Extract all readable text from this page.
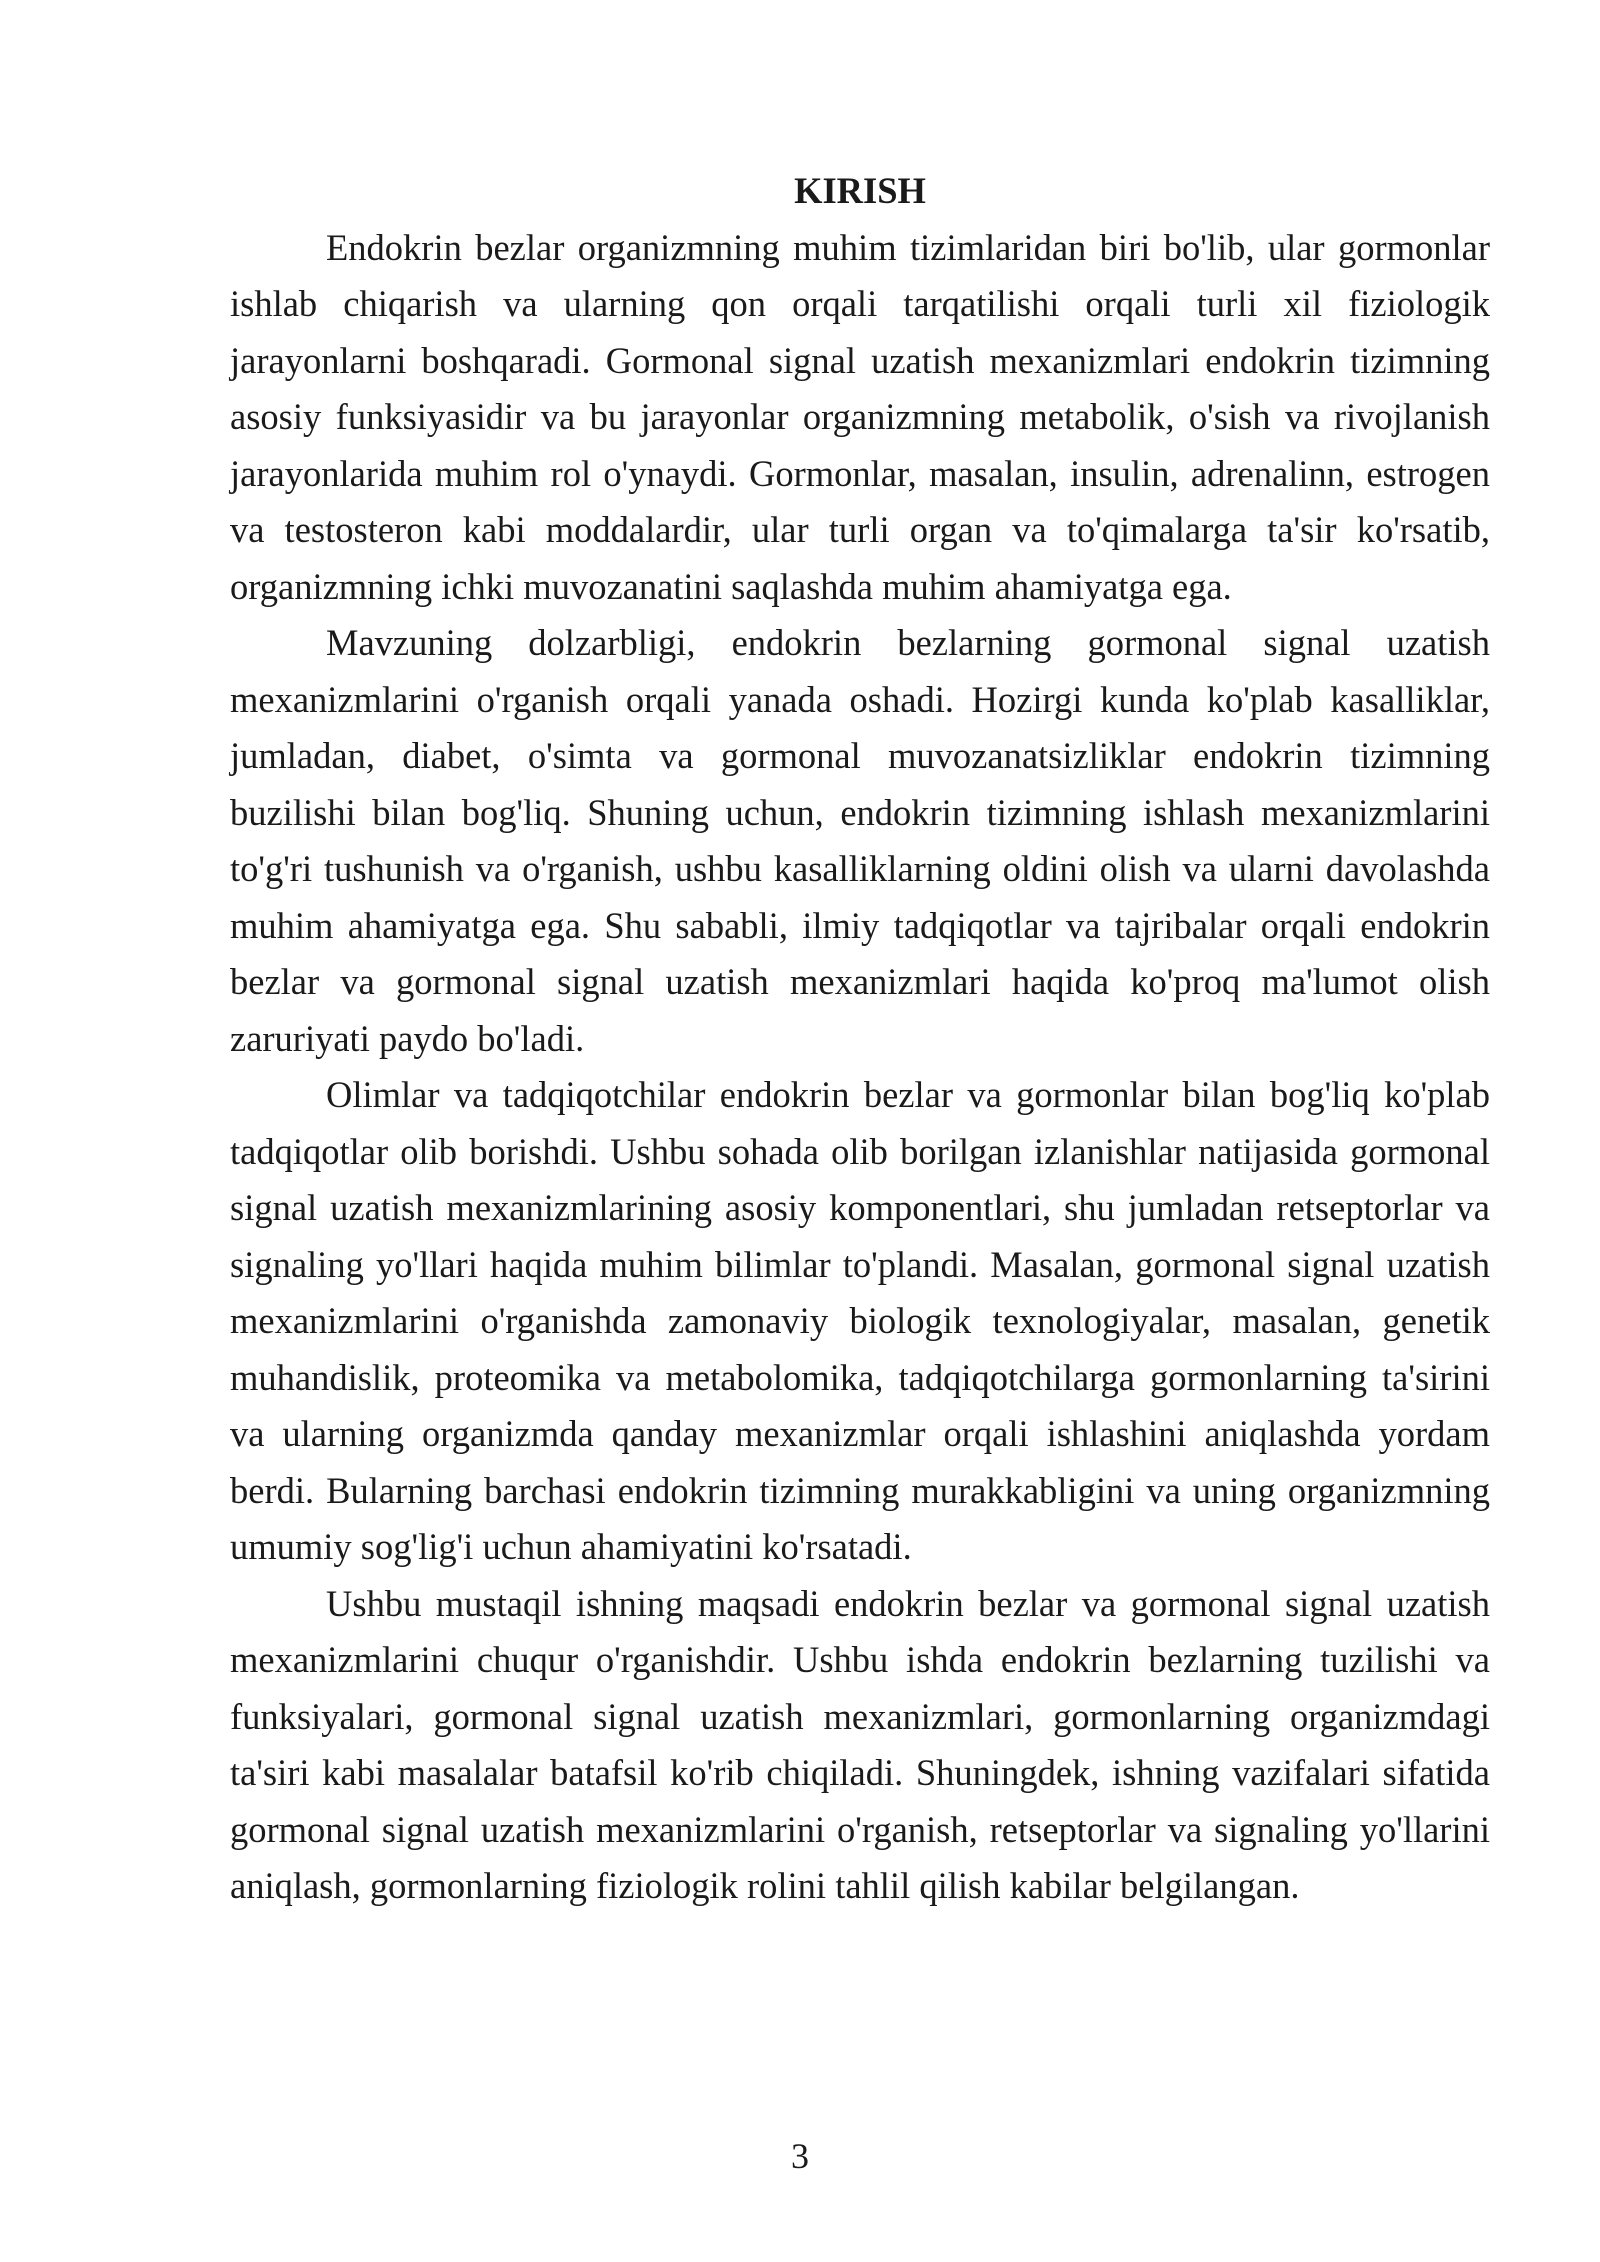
KIRISH

Endokrin bezlar organizmning muhim tizimlaridan biri bo'lib, ular gormonlar ishlab chiqarish va ularning qon orqali tarqatilishi orqali turli xil fiziologik jarayonlarni boshqaradi. Gormonal signal uzatish mexanizmlari endokrin tizimning asosiy funksiyasidir va bu jarayonlar organizmning metabolik, o'sish va rivojlanish jarayonlarida muhim rol o'ynaydi. Gormonlar, masalan, insulin, adrenalinn, estrogen va testosteron kabi moddalardir, ular turli organ va to'qimalarga ta'sir ko'rsatib, organizmning ichki muvozanatini saqlashda muhim ahamiyatga ega.

Mavzuning dolzarbligi, endokrin bezlarning gormonal signal uzatish mexanizmlarini o'rganish orqali yanada oshadi. Hozirgi kunda ko'plab kasalliklar, jumladan, diabet, o'simta va gormonal muvozanatsizliklar endokrin tizimning buzilishi bilan bog'liq. Shuning uchun, endokrin tizimning ishlash mexanizmlarini to'g'ri tushunish va o'rganish, ushbu kasalliklarning oldini olish va ularni davolashda muhim ahamiyatga ega. Shu sababli, ilmiy tadqiqotlar va tajribalar orqali endokrin bezlar va gormonal signal uzatish mexanizmlari haqida ko'proq ma'lumot olish zaruriyati paydo bo'ladi.

Olimlar va tadqiqotchilar endokrin bezlar va gormonlar bilan bog'liq ko'plab tadqiqotlar olib borishdi. Ushbu sohada olib borilgan izlanishlar natijasida gormonal signal uzatish mexanizmlarining asosiy komponentlari, shu jumladan retseptorlar va signaling yo'llari haqida muhim bilimlar to'plandi. Masalan, gormonal signal uzatish mexanizmlarini o'rganishda zamonaviy biologik texnologiyalar, masalan, genetik muhandislik, proteomika va metabolomika, tadqiqotchilarga gormonlarning ta'sirini va ularning organizmda qanday mexanizmlar orqali ishlashini aniqlashda yordam berdi. Bularning barchasi endokrin tizimning murakkabligini va uning organizmning umumiy sog'lig'i uchun ahamiyatini ko'rsatadi.

Ushbu mustaqil ishning maqsadi endokrin bezlar va gormonal signal uzatish mexanizmlarini chuqur o'rganishdir. Ushbu ishda endokrin bezlarning tuzilishi va funksiyalari, gormonal signal uzatish mexanizmlari, gormonlarning organizmdagi ta'siri kabi masalalar batafsil ko'rib chiqiladi. Shuningdek, ishning vazifalari sifatida gormonal signal uzatish mexanizmlarini o'rganish, retseptorlar va signaling yo'llarini aniqlash, gormonlarning fiziologik rolini tahlil qilish kabilar belgilangan.

3
